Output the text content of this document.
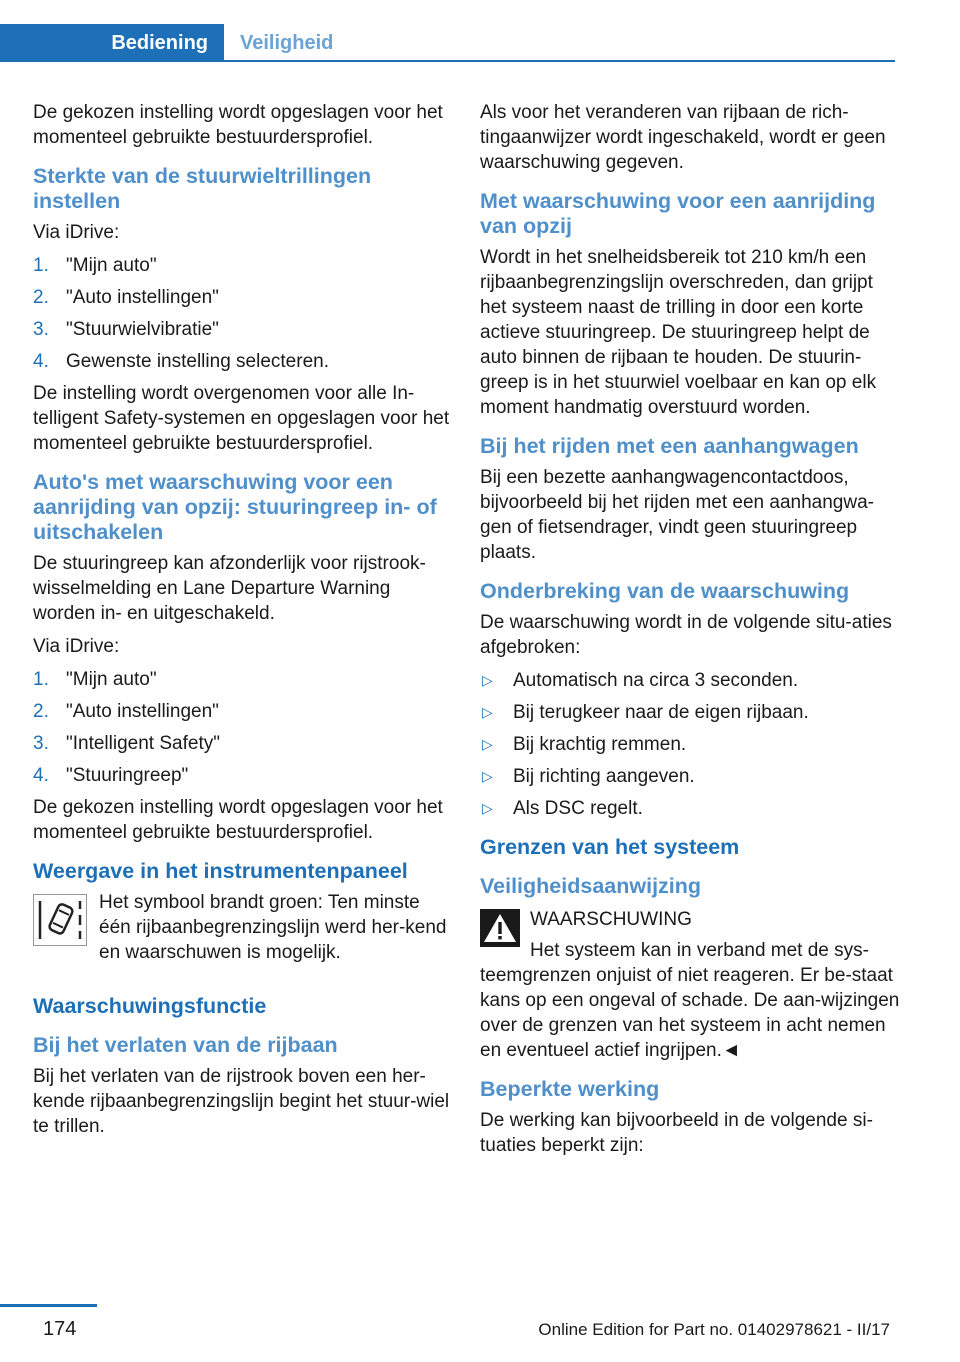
Bediening	Veiligheid

De gekozen instelling wordt opgeslagen voor het momenteel gebruikte bestuurdersprofiel.

Sterkte van de stuurwieltrillingen instellen

Via iDrive:

1. "Mijn auto"
2. "Auto instellingen"
3. "Stuurwielvibratie"
4. Gewenste instelling selecteren.

De instelling wordt overgenomen voor alle In-telligent Safety-systemen en opgeslagen voor het momenteel gebruikte bestuurdersprofiel.

Auto's met waarschuwing voor een aanrijding van opzij: stuuringreep in- of uitschakelen

De stuuringreep kan afzonderlijk voor rijstrook-wisselmelding en Lane Departure Warning worden in- en uitgeschakeld.

Via iDrive:

1. "Mijn auto"
2. "Auto instellingen"
3. "Intelligent Safety"
4. "Stuuringreep"

De gekozen instelling wordt opgeslagen voor het momenteel gebruikte bestuurdersprofiel.

Weergave in het instrumentenpaneel

Het symbool brandt groen: Ten minste één rijbaanbegrenzingslijn werd her-kend en waarschuwen is mogelijk.

Waarschuwingsfunctie
Bij het verlaten van de rijbaan

Bij het verlaten van de rijstrook boven een her-kende rijbaanbegrenzingslijn begint het stuur-wiel te trillen.

Als voor het veranderen van rijbaan de rich-tingaanwijzer wordt ingeschakeld, wordt er geen waarschuwing gegeven.

Met waarschuwing voor een aanrijding van opzij

Wordt in het snelheidsbereik tot 210 km/h een rijbaanbegrenzingslijn overschreden, dan grijpt het systeem naast de trilling in door een korte actieve stuuringreep. De stuuringreep helpt de auto binnen de rijbaan te houden. De stuurin-greep is in het stuurwiel voelbaar en kan op elk moment handmatig overstuurd worden.

Bij het rijden met een aanhangwagen

Bij een bezette aanhangwagencontactdoos, bijvoorbeeld bij het rijden met een aanhangwa-gen of fietsendrager, vindt geen stuuringreep plaats.

Onderbreking van de waarschuwing

De waarschuwing wordt in de volgende situ-aties afgebroken:

▷ Automatisch na circa 3 seconden.
▷ Bij terugkeer naar de eigen rijbaan.
▷ Bij krachtig remmen.
▷ Bij richting aangeven.
▷ Als DSC regelt.
Grenzen van het systeem
Veiligheidsaanwijzing
WAARSCHUWING

Het systeem kan in verband met de sys-

teemgrenzen onjuist of niet reageren. Er be-staat kans op een ongeval of schade. De aan-wijzingen over de grenzen van het systeem in acht nemen en eventueel actief ingrijpen.◄

Beperkte werking

De werking kan bijvoorbeeld in de volgende si-tuaties beperkt zijn:

174	Online Edition for Part no. 01402978621 - II/17
